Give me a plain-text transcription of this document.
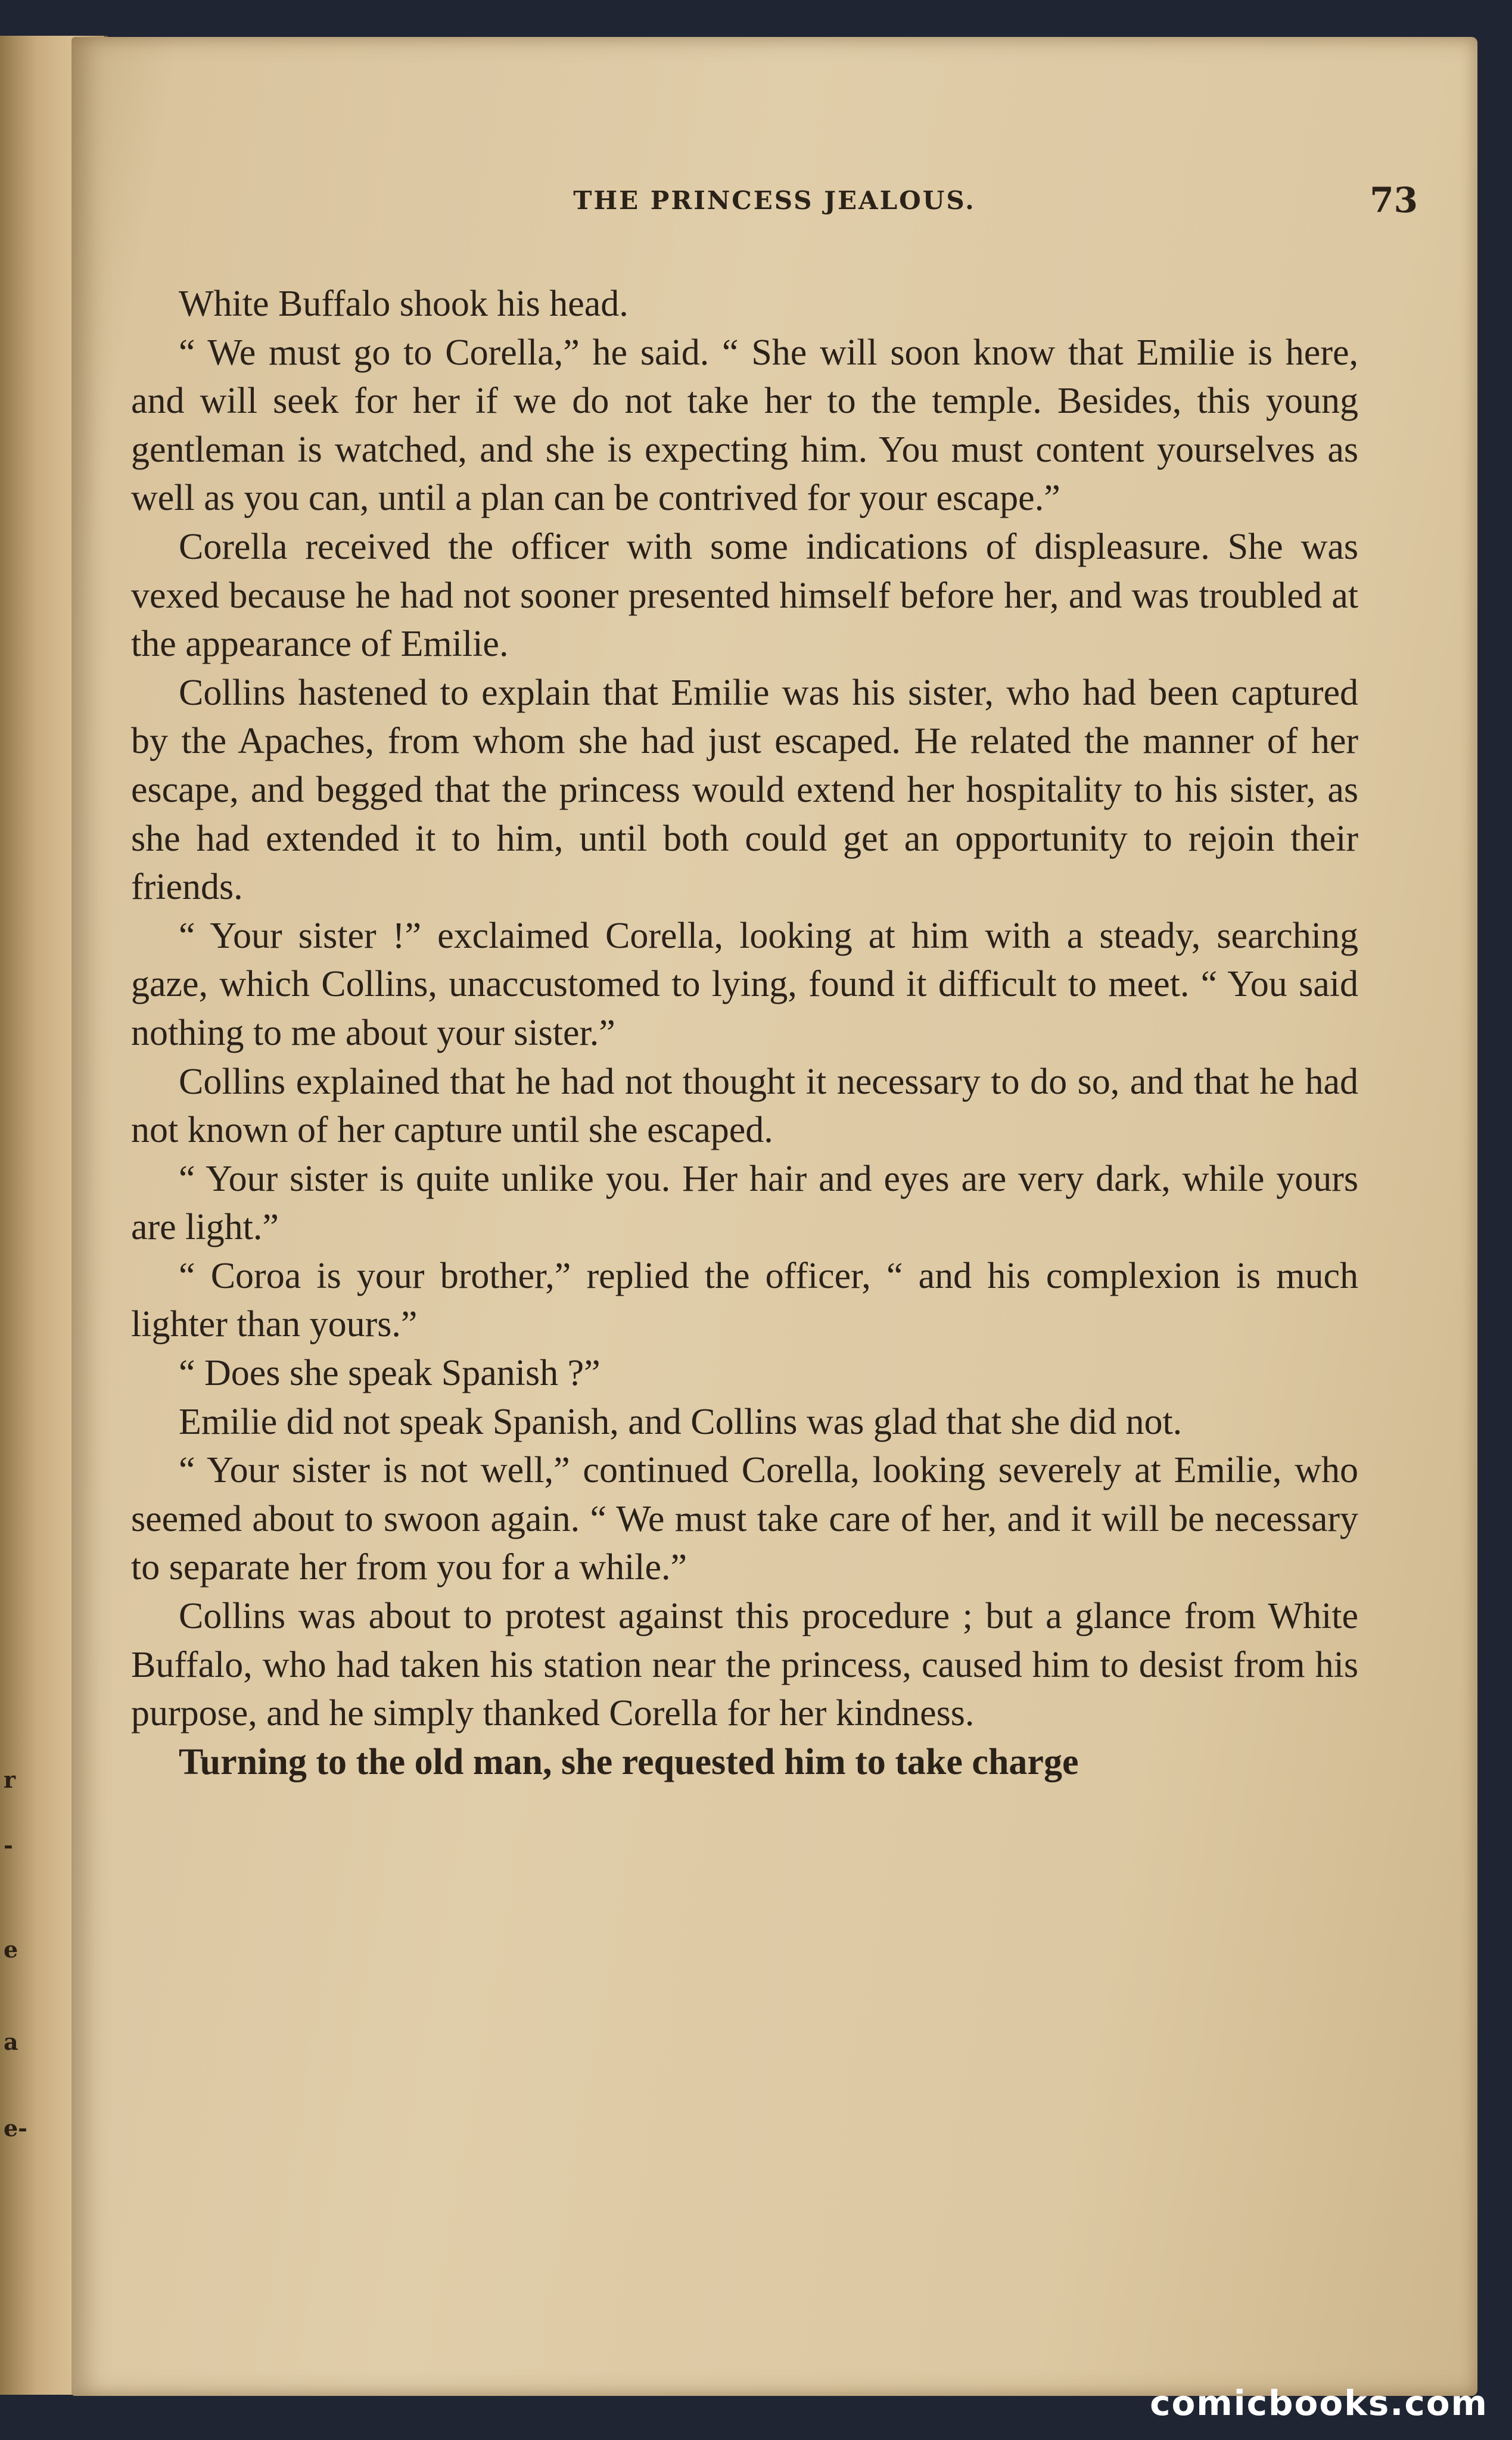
r
-
e
a
e-
THE PRINCESS JEALOUS.	73

White Buffalo shook his head.

“ We must go to Corella,” he said. “ She will soon know that Emilie is here, and will seek for her if we do not take her to the temple. Besides, this young gentleman is watched, and she is expecting him. You must content yourselves as well as you can, until a plan can be contrived for your escape.”

Corella received the officer with some indications of displeasure. She was vexed because he had not sooner presented himself before her, and was troubled at the appearance of Emilie.

Collins hastened to explain that Emilie was his sister, who had been captured by the Apaches, from whom she had just escaped. He related the manner of her escape, and begged that the princess would extend her hospitality to his sister, as she had extended it to him, until both could get an opportunity to rejoin their friends.

“ Your sister !” exclaimed Corella, looking at him with a steady, searching gaze, which Collins, unaccustomed to lying, found it difficult to meet. “ You said nothing to me about your sister.”

Collins explained that he had not thought it necessary to do so, and that he had not known of her capture until she escaped.

“ Your sister is quite unlike you. Her hair and eyes are very dark, while yours are light.”

“ Coroa is your brother,” replied the officer, “ and his complexion is much lighter than yours.”

“ Does she speak Spanish ?”

Emilie did not speak Spanish, and Collins was glad that she did not.

“ Your sister is not well,” continued Corella, looking severely at Emilie, who seemed about to swoon again. “ We must take care of her, and it will be necessary to separate her from you for a while.”

Collins was about to protest against this procedure ; but a glance from White Buffalo, who had taken his station near the princess, caused him to desist from his purpose, and he simply thanked Corella for her kindness.

Turning to the old man, she requested him to take charge

comicbooks.com
